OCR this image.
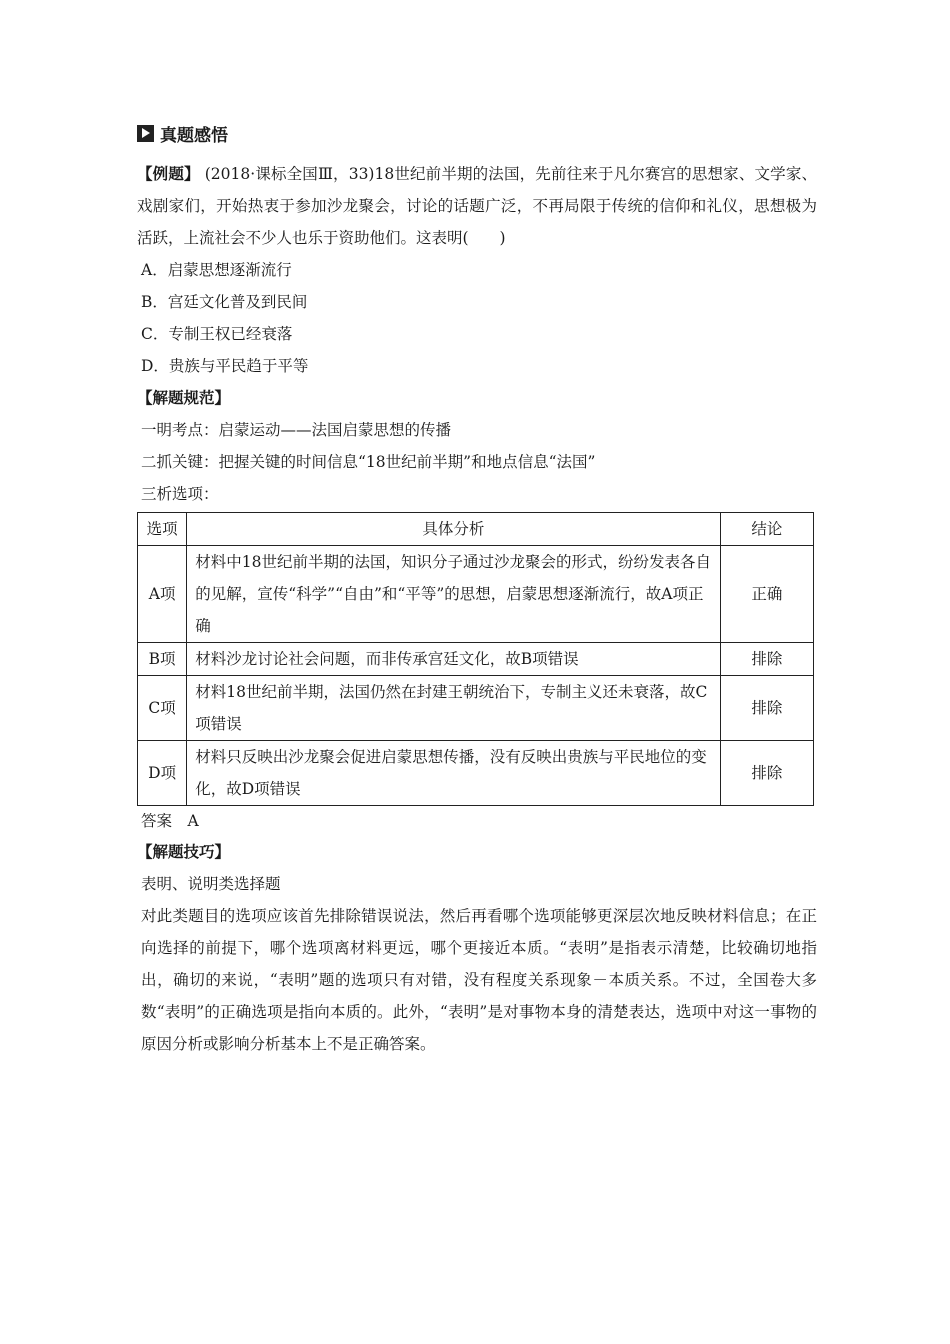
真题感悟
【例题】 (2018·课标全国Ⅲ，33)18世纪前半期的法国，先前往来于凡尔赛宫的思想家、文学家、戏剧家们，开始热衷于参加沙龙聚会，讨论的话题广泛，不再局限于传统的信仰和礼仪，思想极为活跃，上流社会不少人也乐于资助他们。这表明(　　)
A．启蒙思想逐渐流行
B．宫廷文化普及到民间
C．专制王权已经衰落
D．贵族与平民趋于平等
【解题规范】
一明考点：启蒙运动——法国启蒙思想的传播
二抓关键：把握关键的时间信息“18世纪前半期”和地点信息“法国”
三析选项：
选项	具体分析	结论
A项	材料中18世纪前半期的法国，知识分子通过沙龙聚会的形式，纷纷发表各自的见解，宣传“科学”“自由”和“平等”的思想，启蒙思想逐渐流行，故A项正确	正确
B项	材料沙龙讨论社会问题，而非传承宫廷文化，故B项错误	排除
C项	材料18世纪前半期，法国仍然在封建王朝统治下，专制主义还未衰落，故C项错误	排除
D项	材料只反映出沙龙聚会促进启蒙思想传播，没有反映出贵族与平民地位的变化，故D项错误	排除
答案　A
【解题技巧】
表明、说明类选择题
对此类题目的选项应该首先排除错误说法，然后再看哪个选项能够更深层次地反映材料信息；在正向选择的前提下，哪个选项离材料更远，哪个更接近本质。“表明”是指表示清楚，比较确切地指出，确切的来说，“表明”题的选项只有对错，没有程度关系现象－本质关系。不过，全国卷大多数“表明”的正确选项是指向本质的。此外，“表明”是对事物本身的清楚表达，选项中对这一事物的原因分析或影响分析基本上不是正确答案。
